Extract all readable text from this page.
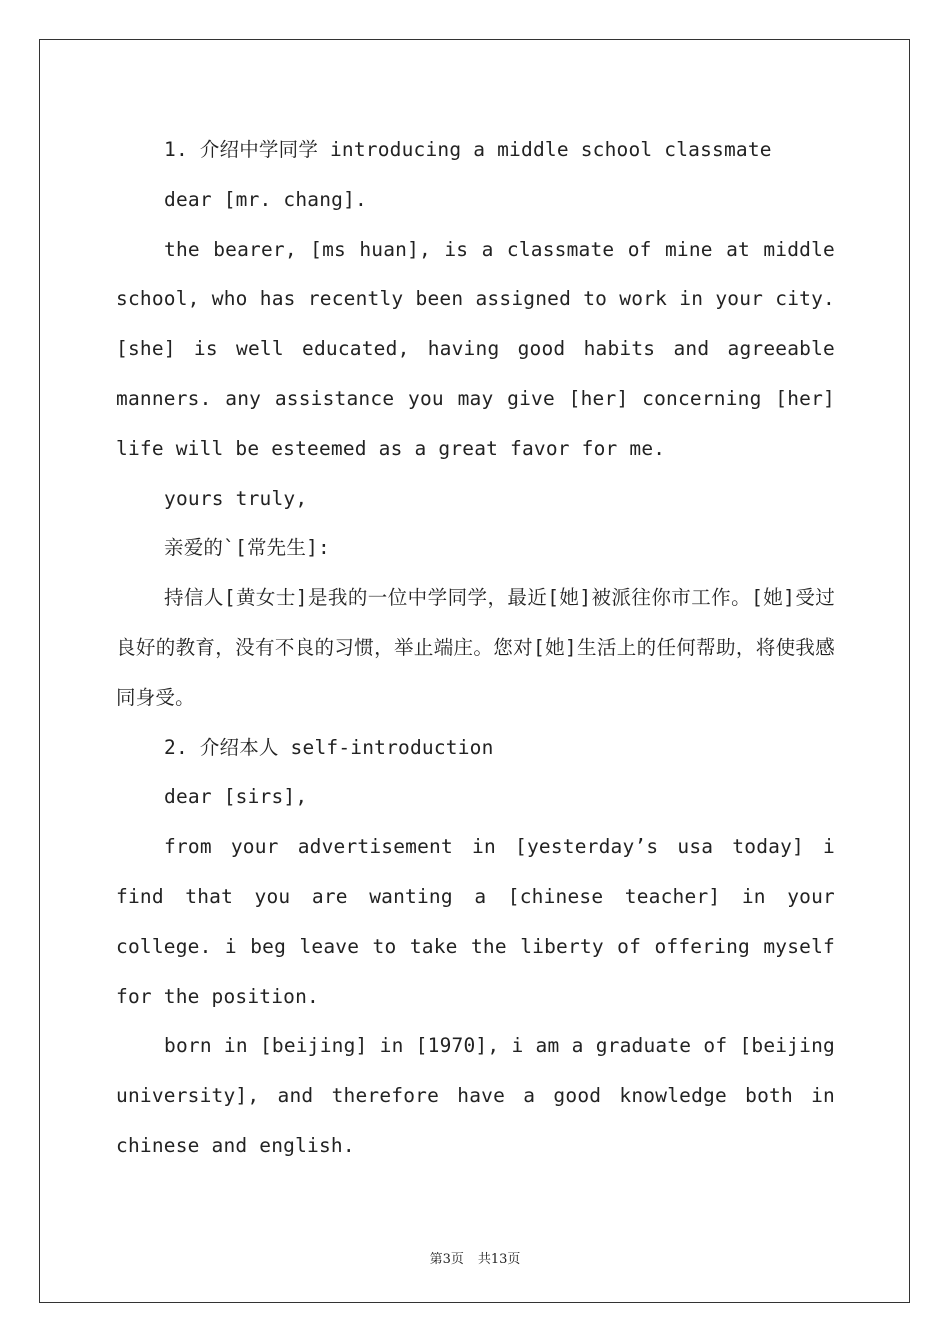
1. 介绍中学同学 introducing a middle school classmate

dear [mr. chang].

the bearer, [ms huan], is a classmate of mine at middle school, who has recently been assigned to work in your city. [she] is well educated, having good habits and agreeable manners. any assistance you may give [her] concerning [her] life will be esteemed as a great favor for me.

yours truly,

亲爱的`[常先生]:

持信人[黄女士]是我的一位中学同学，最近[她]被派往你市工作。[她]受过良好的教育，没有不良的习惯，举止端庄。您对[她]生活上的任何帮助，将使我感同身受。

2. 介绍本人 self-introduction

dear [sirs],

from your advertisement in [yesterday’s usa today] i find that you are wanting a [chinese teacher] in your college. i beg leave to take the liberty of offering myself for the position.

born in [beijing] in [1970], i am a graduate of [beijing university], and therefore have a good knowledge both in chinese and english.

第3页 共13页
